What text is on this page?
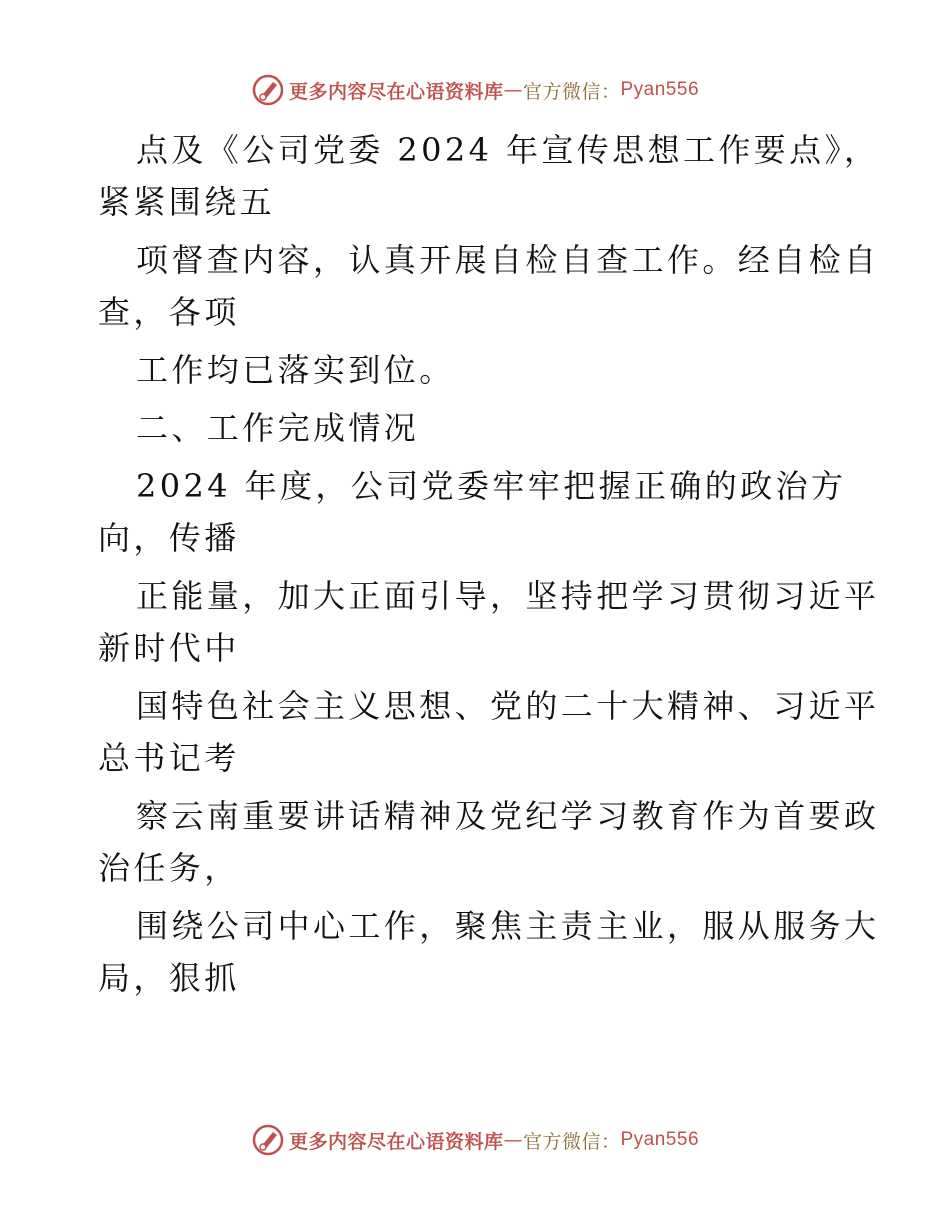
更多内容尽在心语资料库 — 官方微信： Pyan556
点及《公司党委 2024 年宣传思想工作要点》，
紧紧围绕五
项督查内容，认真开展自检自查工作。经自检自
查，各项
工作均已落实到位。
二、工作完成情况
2024 年度，公司党委牢牢把握正确的政治方
向，传播
正能量，加大正面引导，坚持把学习贯彻习近平
新时代中
国特色社会主义思想、党的二十大精神、习近平
总书记考
察云南重要讲话精神及党纪学习教育作为首要政
治任务，
围绕公司中心工作，聚焦主责主业，服从服务大
局，狠抓
更多内容尽在心语资料库 — 官方微信： Pyan556
